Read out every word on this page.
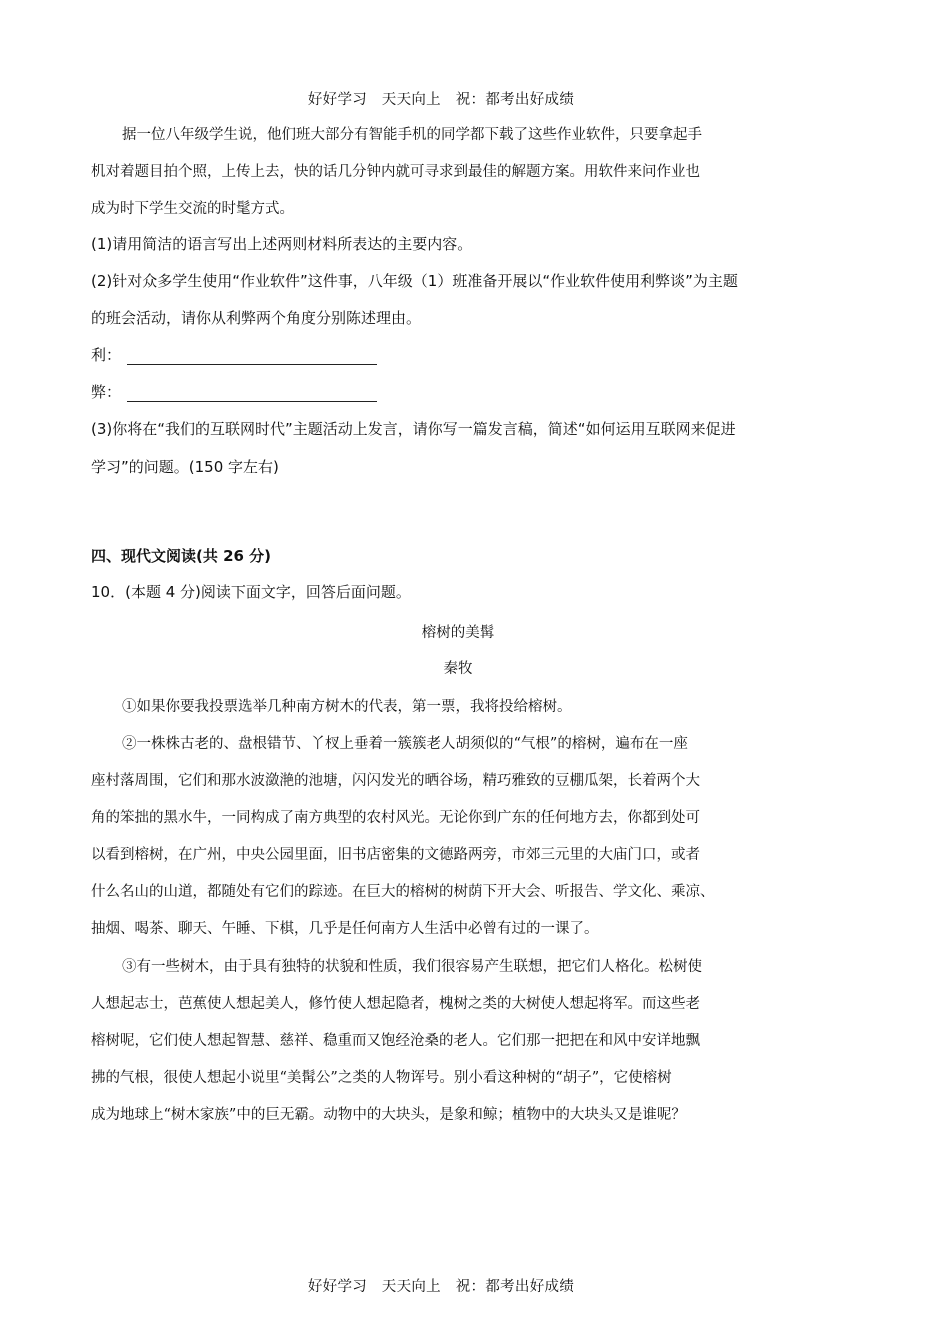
好好学习   天天向上   祝：都考出好成绩
据一位八年级学生说，他们班大部分有智能手机的同学都下载了这些作业软件，只要拿起手
机对着题目拍个照，上传上去，快的话几分钟内就可寻求到最佳的解题方案。用软件来问作业也
成为时下学生交流的时髦方式。
(1)请用简洁的语言写出上述两则材料所表达的主要内容。
(2)针对众多学生使用“作业软件”这件事，八年级（1）班准备开展以“作业软件使用利弊谈”为主题
的班会活动，请你从利弊两个角度分别陈述理由。
利：
弊：
(3)你将在“我们的互联网时代”主题活动上发言，请你写一篇发言稿，简述“如何运用互联网来促进
学习”的问题。(150 字左右)
四、现代文阅读(共 26 分)
10．(本题 4 分)阅读下面文字，回答后面问题。
榕树的美髯
秦牧
①如果你要我投票选举几种南方树木的代表，第一票，我将投给榕树。
②一株株古老的、盘根错节、丫杈上垂着一簇簇老人胡须似的“气根”的榕树，遍布在一座
座村落周围，它们和那水波潋滟的池塘，闪闪发光的晒谷场，精巧雅致的豆棚瓜架，长着两个大
角的笨拙的黑水牛，一同构成了南方典型的农村风光。无论你到广东的任何地方去，你都到处可
以看到榕树，在广州，中央公园里面，旧书店密集的文德路两旁，市郊三元里的大庙门口，或者
什么名山的山道，都随处有它们的踪迹。在巨大的榕树的树荫下开大会、听报告、学文化、乘凉、
抽烟、喝茶、聊天、午睡、下棋，几乎是任何南方人生活中必曾有过的一课了。
③有一些树木，由于具有独特的状貌和性质，我们很容易产生联想，把它们人格化。松树使
人想起志士，芭蕉使人想起美人，修竹使人想起隐者，槐树之类的大树使人想起将军。而这些老
榕树呢，它们使人想起智慧、慈祥、稳重而又饱经沧桑的老人。它们那一把把在和风中安详地飘
拂的气根，很使人想起小说里“美髯公”之类的人物诨号。别小看这种树的“胡子”，它使榕树
成为地球上“树木家族”中的巨无霸。动物中的大块头，是象和鲸；植物中的大块头又是谁呢？
好好学习   天天向上   祝：都考出好成绩
